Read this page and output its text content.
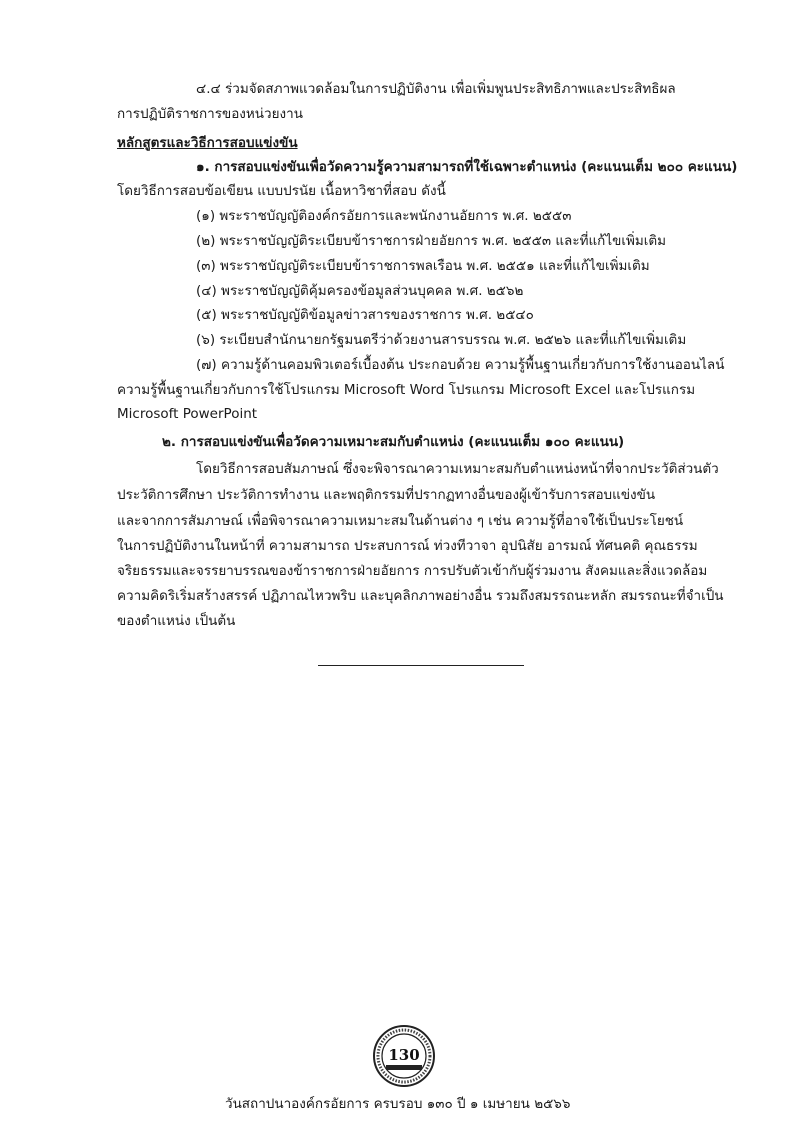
๔.๔ ร่วมจัดสภาพแวดล้อมในการปฏิบัติงาน เพื่อเพิ่มพูนประสิทธิภาพและประสิทธิผล
การปฏิบัติราชการของหน่วยงาน
หลักสูตรและวิธีการสอบแข่งขัน
๑. การสอบแข่งขันเพื่อวัดความรู้ความสามารถที่ใช้เฉพาะตำแหน่ง (คะแนนเต็ม ๒๐๐ คะแนน)
โดยวิธีการสอบข้อเขียน แบบปรนัย เนื้อหาวิชาที่สอบ ดังนี้
(๑) พระราชบัญญัติองค์กรอัยการและพนักงานอัยการ พ.ศ. ๒๕๕๓
(๒) พระราชบัญญัติระเบียบข้าราชการฝ่ายอัยการ พ.ศ. ๒๕๕๓ และที่แก้ไขเพิ่มเติม
(๓) พระราชบัญญัติระเบียบข้าราชการพลเรือน พ.ศ. ๒๕๕๑ และที่แก้ไขเพิ่มเติม
(๔) พระราชบัญญัติคุ้มครองข้อมูลส่วนบุคคล พ.ศ. ๒๕๖๒
(๕) พระราชบัญญัติข้อมูลข่าวสารของราชการ พ.ศ. ๒๕๔๐
(๖) ระเบียบสำนักนายกรัฐมนตรีว่าด้วยงานสารบรรณ พ.ศ. ๒๕๒๖ และที่แก้ไขเพิ่มเติม
(๗) ความรู้ด้านคอมพิวเตอร์เบื้องต้น ประกอบด้วย ความรู้พื้นฐานเกี่ยวกับการใช้งานออนไลน์
ความรู้พื้นฐานเกี่ยวกับการใช้โปรแกรม Microsoft Word โปรแกรม Microsoft Excel และโปรแกรม
Microsoft PowerPoint
๒. การสอบแข่งขันเพื่อวัดความเหมาะสมกับตำแหน่ง (คะแนนเต็ม ๑๐๐ คะแนน)
โดยวิธีการสอบสัมภาษณ์ ซึ่งจะพิจารณาความเหมาะสมกับตำแหน่งหน้าที่จากประวัติส่วนตัว
ประวัติการศึกษา ประวัติการทำงาน และพฤติกรรมที่ปรากฏทางอื่นของผู้เข้ารับการสอบแข่งขัน
และจากการสัมภาษณ์ เพื่อพิจารณาความเหมาะสมในด้านต่าง ๆ เช่น ความรู้ที่อาจใช้เป็นประโยชน์
ในการปฏิบัติงานในหน้าที่ ความสามารถ ประสบการณ์ ท่วงทีวาจา อุปนิสัย อารมณ์ ทัศนคติ คุณธรรม
จริยธรรมและจรรยาบรรณของข้าราชการฝ่ายอัยการ การปรับตัวเข้ากับผู้ร่วมงาน สังคมและสิ่งแวดล้อม
ความคิดริเริ่มสร้างสรรค์ ปฏิภาณไหวพริบ และบุคลิกภาพอย่างอื่น รวมถึงสมรรถนะหลัก สมรรถนะที่จำเป็น
ของตำแหน่ง เป็นต้น
130
วันสถาปนาองค์กรอัยการ ครบรอบ ๑๓๐ ปี ๑ เมษายน ๒๕๖๖
